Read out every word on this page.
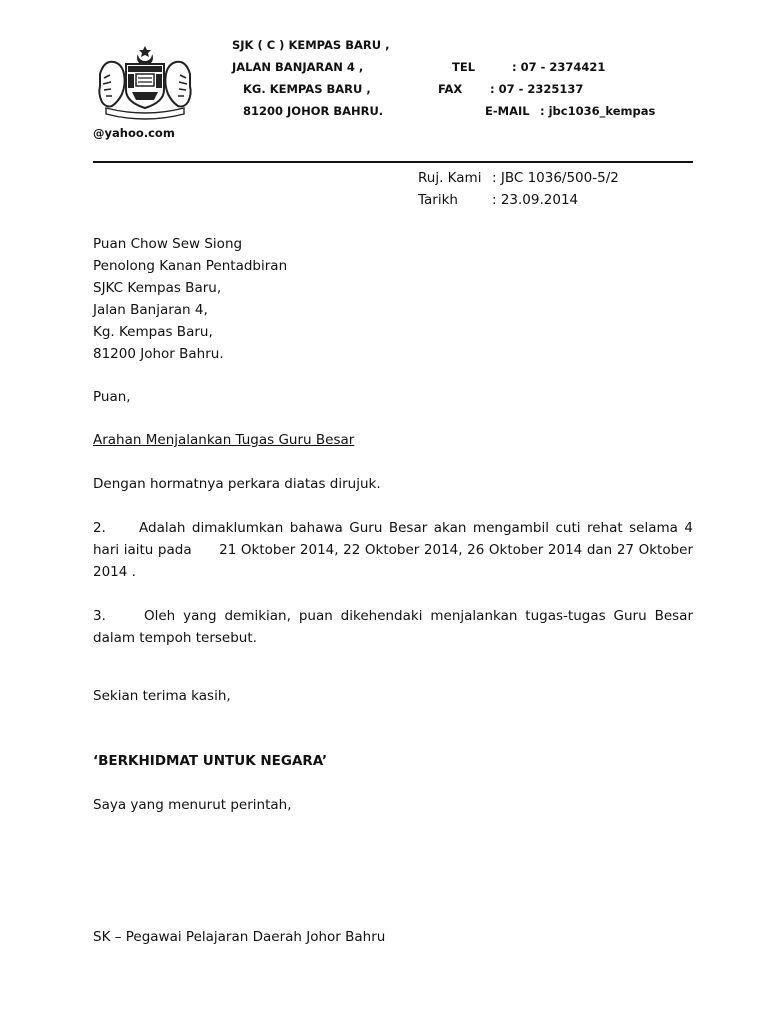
SJK ( C ) KEMPAS BARU ,
JALAN BANJARAN 4 ,
KG. KEMPAS BARU ,
81200 JOHOR BAHRU.
TEL	: 07 - 2374421
FAX : 07 - 2325137
E-MAIL : jbc1036_kempas
@yahoo.com
Ruj. Kami : JBC 1036/500-5/2
Tarikh	: 23.09.2014
Puan Chow Sew Siong
Penolong Kanan Pentadbiran
SJKC Kempas Baru,
Jalan Banjaran 4,
Kg. Kempas Baru,
81200 Johor Bahru.
Puan,
Arahan Menjalankan Tugas Guru Besar
Dengan hormatnya perkara diatas dirujuk.
2. Adalah dimaklumkan bahawa Guru Besar akan mengambil cuti rehat selama 4 hari iaitu pada      21 Oktober 2014, 22 Oktober 2014, 26 Oktober 2014 dan 27 Oktober 2014 .
3.	Oleh yang demikian, puan dikehendaki menjalankan tugas-tugas Guru Besar dalam tempoh tersebut.
Sekian terima kasih,
‘BERKHIDMAT UNTUK NEGARA’
Saya yang menurut perintah,
SK – Pegawai Pelajaran Daerah Johor Bahru
